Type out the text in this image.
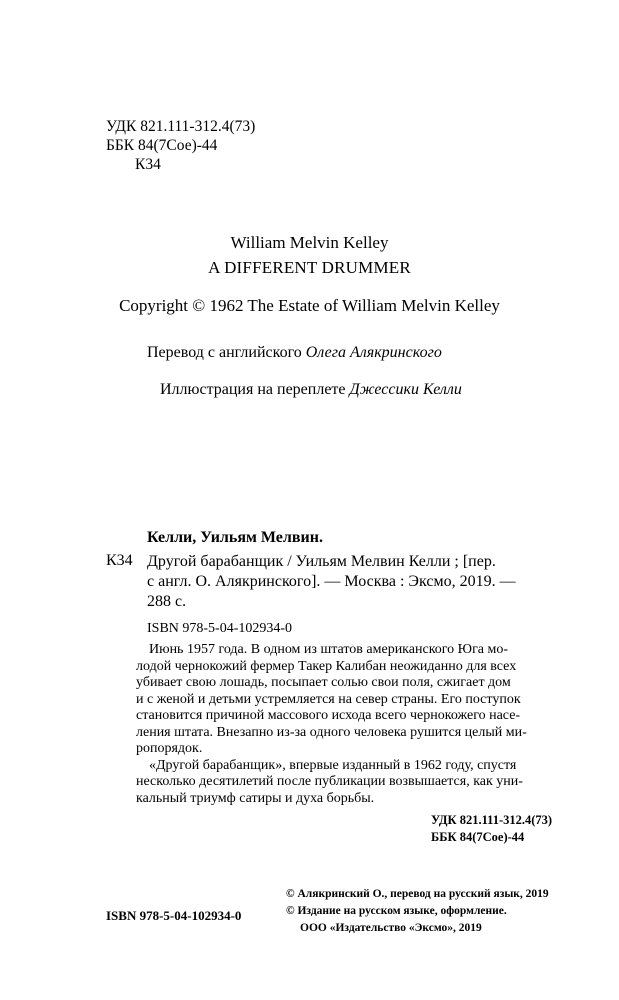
УДК 821.111-312.4(73)
ББК 84(7Сое)-44
К34
William Melvin Kelley
A DIFFERENT DRUMMER
Copyright © 1962 The Estate of William Melvin Kelley
Перевод с английского Олега Алякринского
Иллюстрация на переплете Джессики Келли
Келли, Уильям Мелвин.
К34 Другой барабанщик / Уильям Мелвин Келли ; [пер.
с англ. О. Алякринского]. — Москва : Эксмо, 2019. —
288 с.
ISBN 978-5-04-102934-0
Июнь 1957 года. В одном из штатов американского Юга мо-
лодой чернокожий фермер Такер Калибан неожиданно для всех
убивает свою лошадь, посыпает солью свои поля, сжигает дом
и с женой и детьми устремляется на север страны. Его поступок
становится причиной массового исхода всего чернокожего насе-
ления штата. Внезапно из-за одного человека рушится целый ми-
ропорядок.
«Другой барабанщик», впервые изданный в 1962 году, спустя
несколько десятилетий после публикации возвышается, как уни-
кальный триумф сатиры и духа борьбы.
УДК 821.111-312.4(73)
ББК 84(7Сое)-44
ISBN 978-5-04-102934-0
© Алякринский О., перевод на русский язык, 2019
© Издание на русском языке, оформление.
ООО «Издательство «Эксмо», 2019
